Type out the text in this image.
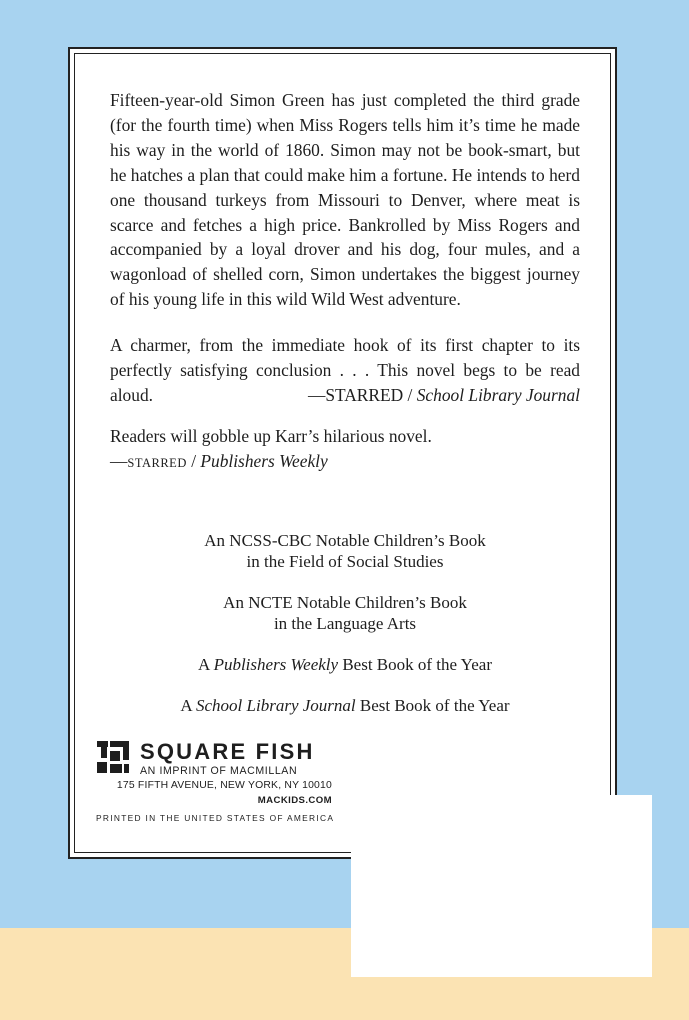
Fifteen-year-old Simon Green has just completed the third grade (for the fourth time) when Miss Rogers tells him it’s time he made his way in the world of 1860. Simon may not be book-smart, but he hatches a plan that could make him a fortune. He intends to herd one thousand turkeys from Missouri to Denver, where meat is scarce and fetches a high price. Bankrolled by Miss Rogers and accompanied by a loyal drover and his dog, four mules, and a wagonload of shelled corn, Simon undertakes the biggest journey of his young life in this wild Wild West adventure.

A charmer, from the immediate hook of its first chapter to its perfectly satisfying conclusion . . . This novel begs to be read aloud.	—STARRED / School Library Journal

Readers will gobble up Karr’s hilarious novel.

—STARRED / Publishers Weekly

An NCSS-CBC Notable Children’s Book
in the Field of Social Studies
An NCTE Notable Children’s Book
in the Language Arts
A Publishers Weekly Best Book of the Year
A School Library Journal Best Book of the Year
SQUARE FISH
AN IMPRINT OF MACMILLAN
175 FIFTH AVENUE, NEW YORK, NY 10010
MACKIDS.COM
PRINTED IN THE UNITED STATES OF AMERICA
